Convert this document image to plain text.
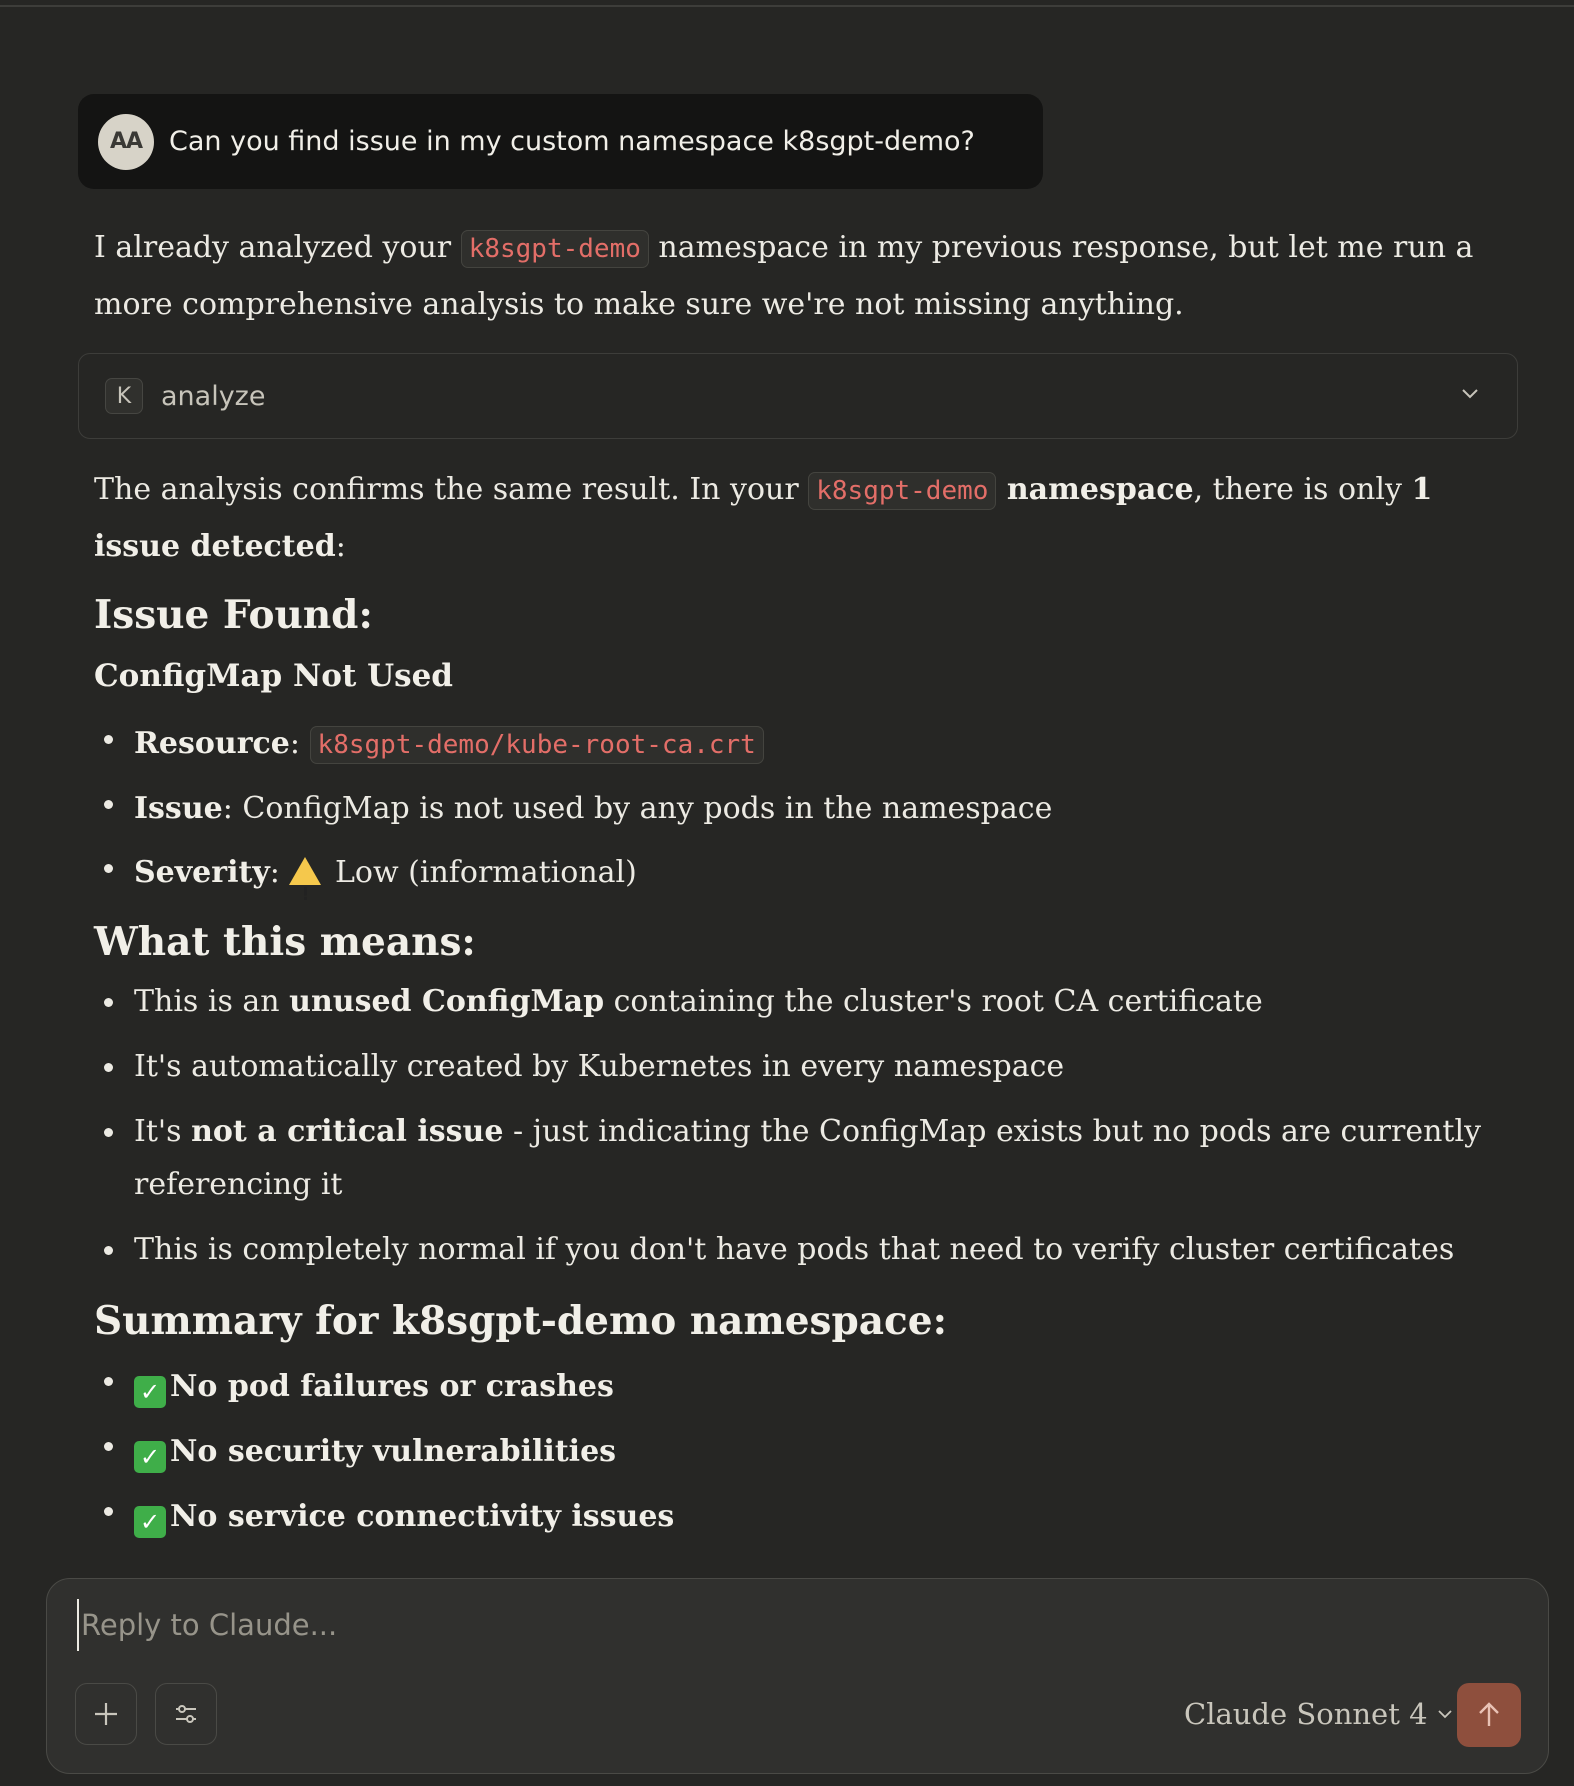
AA Can you find issue in my custom namespace k8sgpt-demo?

I already analyzed your k8sgpt-demo namespace in my previous response, but let me run a more comprehensive analysis to make sure we're not missing anything.

K	analyze

The analysis confirms the same result. In your k8sgpt-demo namespace, there is only 1 issue detected:

Issue Found:
ConfigMap Not Used
Resource: k8sgpt-demo/kube-root-ca.crt
Issue: ConfigMap is not used by any pods in the namespace
Severity:
!
Low (informational)
What this means:
This is an unused ConfigMap containing the cluster's root CA certificate
It's automatically created by Kubernetes in every namespace
It's not a critical issue - just indicating the ConfigMap exists but no pods are currently referencing it
This is completely normal if you don't have pods that need to verify cluster certificates
Summary for k8sgpt-demo namespace:
✓ No pod failures or crashes
✓ No security vulnerabilities
✓ No service connectivity issues
Reply to Claude...
Claude Sonnet 4
